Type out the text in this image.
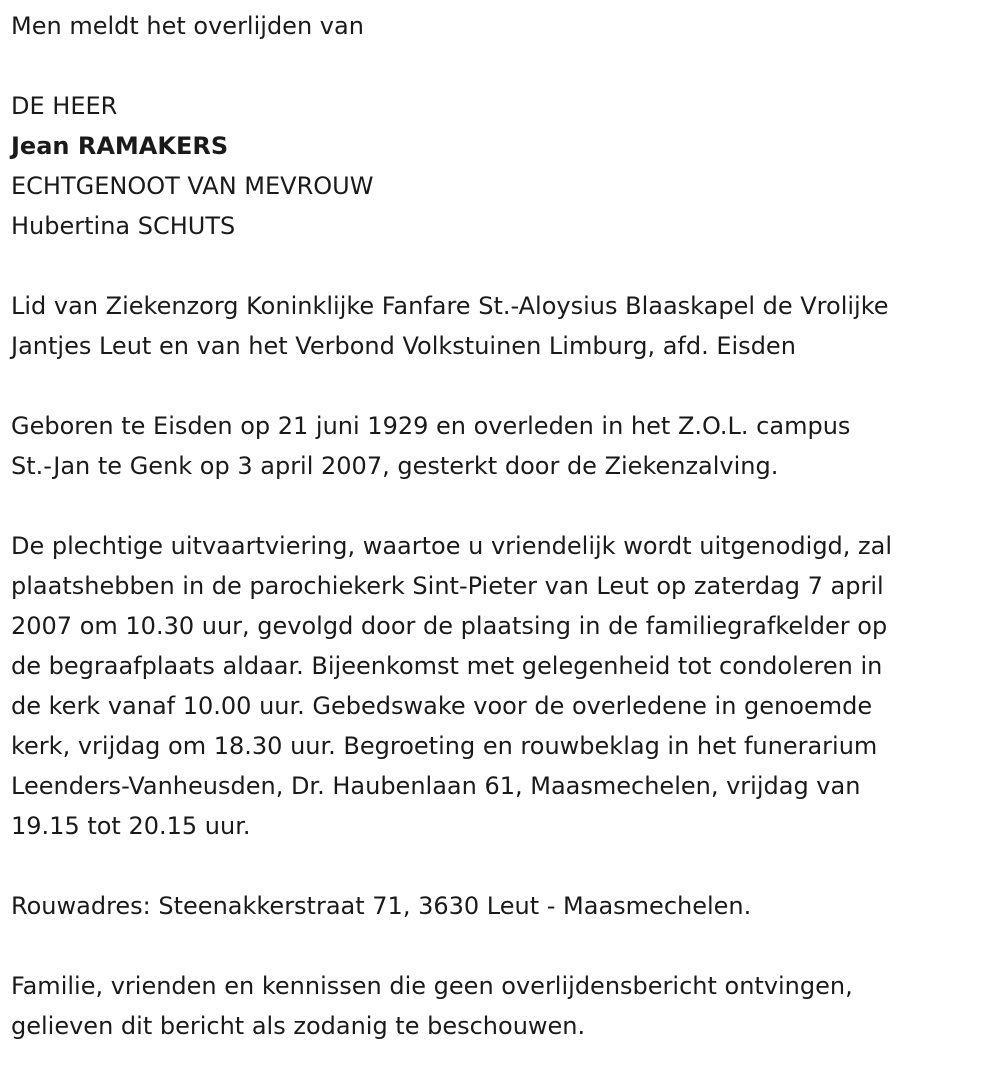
Men meldt het overlijden van

DE HEER

Jean RAMAKERS

ECHTGENOOT VAN MEVROUW

Hubertina SCHUTS

Lid van Ziekenzorg Koninklijke Fanfare St.-Aloysius Blaaskapel de Vrolijke

Jantjes Leut en van het Verbond Volkstuinen Limburg, afd. Eisden

Geboren te Eisden op 21 juni 1929 en overleden in het Z.O.L. campus

St.-Jan te Genk op 3 april 2007, gesterkt door de Ziekenzalving.

De plechtige uitvaartviering, waartoe u vriendelijk wordt uitgenodigd, zal

plaatshebben in de parochiekerk Sint-Pieter van Leut op zaterdag 7 april

2007 om 10.30 uur, gevolgd door de plaatsing in de familiegrafkelder op

de begraafplaats aldaar. Bijeenkomst met gelegenheid tot condoleren in

de kerk vanaf 10.00 uur. Gebedswake voor de overledene in genoemde

kerk, vrijdag om 18.30 uur. Begroeting en rouwbeklag in het funerarium

Leenders-Vanheusden, Dr. Haubenlaan 61, Maasmechelen, vrijdag van

19.15 tot 20.15 uur.

Rouwadres: Steenakkerstraat 71, 3630 Leut - Maasmechelen.

Familie, vrienden en kennissen die geen overlijdensbericht ontvingen,

gelieven dit bericht als zodanig te beschouwen.
